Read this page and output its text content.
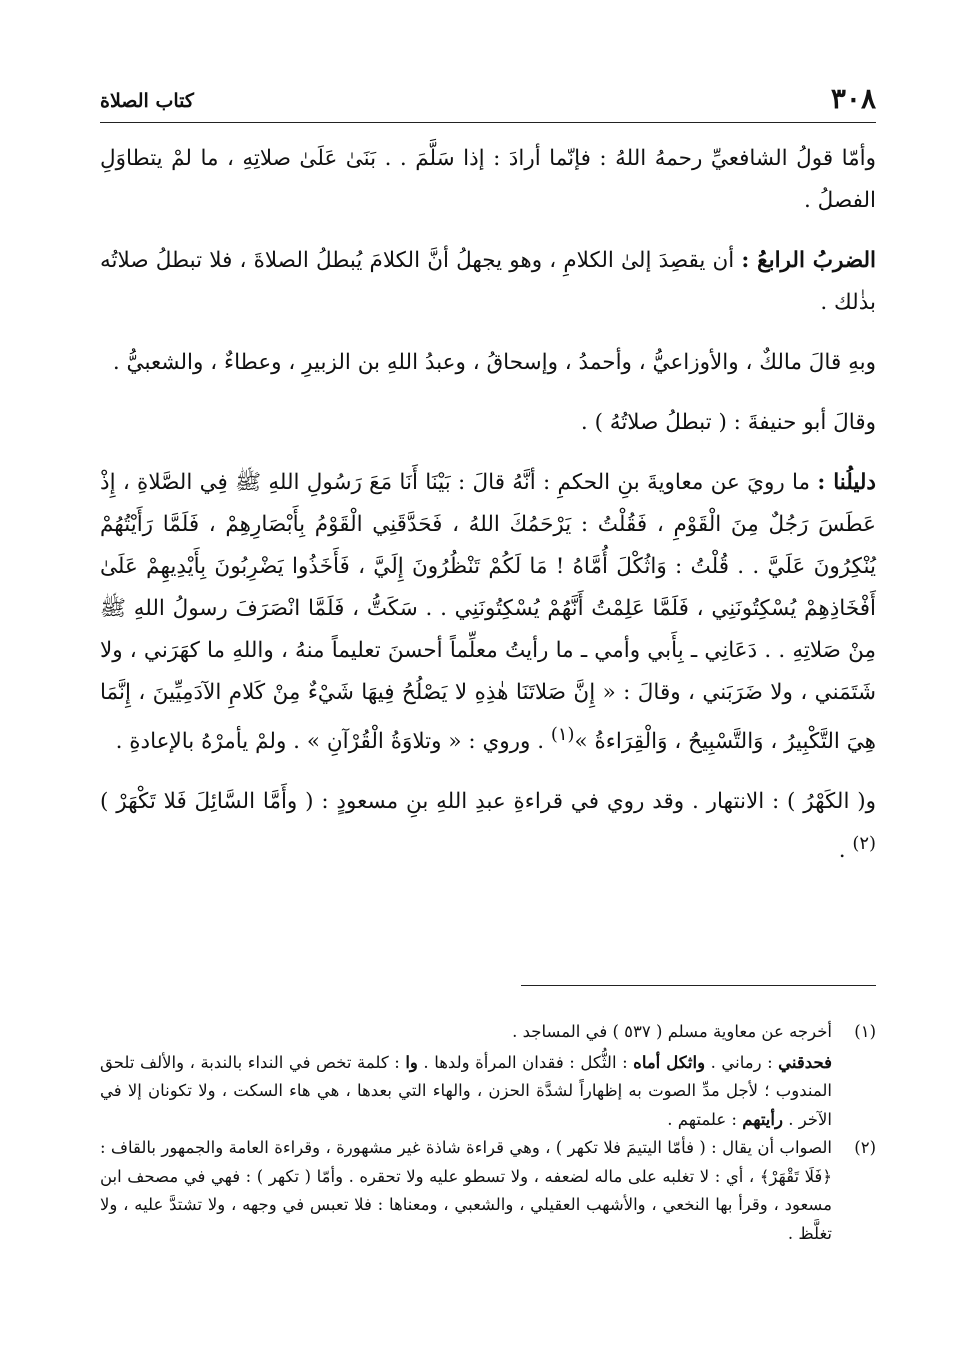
٣٠٨
كتاب الصلاة

وأمّا قولُ الشافعيِّ رحمهُ اللهُ : فإنّما أرادَ : إذا سَلَّمَ . . بَنَىٰ عَلَىٰ صلاتِهِ ، ما لمْ يتطاوَلِ الفصلُ .

الضربُ الرابعُ : أن يقصِدَ إلىٰ الكلامِ ، وهو يجهلُ أنَّ الكلامَ يُبطلُ الصلاةَ ، فلا تبطلُ صلاتُه بذٰلك .

وبهِ قالَ مالكٌ ، والأوزاعيُّ ، وأحمدُ ، وإسحاقُ ، وعبدُ اللهِ بن الزبيرِ ، وعطاءٌ ، والشعبيُّ .

وقالَ أبو حنيفةَ : ( تبطلُ صلاتُهُ ) .

دليلُنا : ما رويَ عن معاويةَ بنِ الحكمِ : أنَّهُ قالَ : بَيْنَا أَنَا مَعَ رَسُولِ اللهِ ﷺ فِي الصَّلاةِ ، إِذْ عَطَسَ رَجُلٌ مِنَ الْقَوْمِ ، فَقُلْتُ : يَرْحَمُكَ اللهُ ، فَحَدَّقَنِي الْقَوْمُ بِأَبْصَارِهِمْ ، فَلَمَّا رَأَيْتُهُمْ يُنْكِرُونَ عَلَيَّ . . قُلْتُ : وَاثُكْلَ أُمَّاهُ ! مَا لَكُمْ تَنْظُرُونَ إِلَيَّ ، فَأَخَذُوا يَضْرِبُونَ بِأَيْدِيهِمْ عَلَىٰ أَفْخَاذِهِمْ يُسْكِتُونَنِي ، فَلَمَّا عَلِمْتُ أَنَّهُمْ يُسْكِتُونَنِي . . سَكَتُّ ، فَلَمَّا انْصَرَفَ رسولُ اللهِ ﷺ مِنْ صَلاتِهِ . . دَعَانِي ـ بِأَبي وأمي ـ ما رأيتُ معلِّماً أحسنَ تعليماً منهُ ، واللهِ ما كهَرَني ، ولا شَتَمَني ، ولا ضَرَبَني ، وقالَ : « إِنَّ صَلاتَنَا هٰذِهِ لا يَصْلُحُ فِيهَا شَيْءٌ مِنْ كَلامِ الآدَمِيِّينَ ، إِنَّمَا هِيَ التَّكْبِيرُ ، وَالتَّسْبِيحُ ، وَالْقِرَاءةُ »$^{(١)}$ . وروي : « وتلاوَةُ الْقُرْآنِ » . ولمْ يأمرْهُ بالإعادةِ .

و( الكَهْرُ ) : الانتهار . وقد روي في قراءةِ عبدِ اللهِ بنِ مسعودٍ : ( وأَمَّا السَّائِلَ فَلا تَكْهَرْ )$^{(٢)}$ .

(١)
أخرجه عن معاوية مسلم ( ٥٣٧ ) في المساجد .
فحدقني : رماني . واثكل أماه : الثُّكل : فقدان المرأة ولدها . وا : كلمة تخص في النداء بالندبة ، والألف تلحق المندوب ؛ لأجل مدِّ الصوت به إظهاراً لشدَّة الحزن ، والهاء التي بعدها ، هي هاء السكت ، ولا تكونان إلا في الآخر . رأيتهم : علمتهم .
(٢)
الصواب أن يقال : ( فأمّا اليتيمَ فلا تكهر ) ، وهي قراءة شاذة غير مشهورة ، وقراءة العامة والجمهور بالقاف : ﴿فَلَا تَقْهَرْ﴾ ، أي : لا تغلبه على ماله لضعفه ، ولا تسطو عليه ولا تحقره . وأمّا ( تكهر ) : فهي في مصحف ابن مسعود ، وقرأ بها النخعي ، والأشهب العقيلي ، والشعبي ، ومعناها : فلا تعبس في وجهه ، ولا تشتدَّ عليه ، ولا تغلَّظ .
